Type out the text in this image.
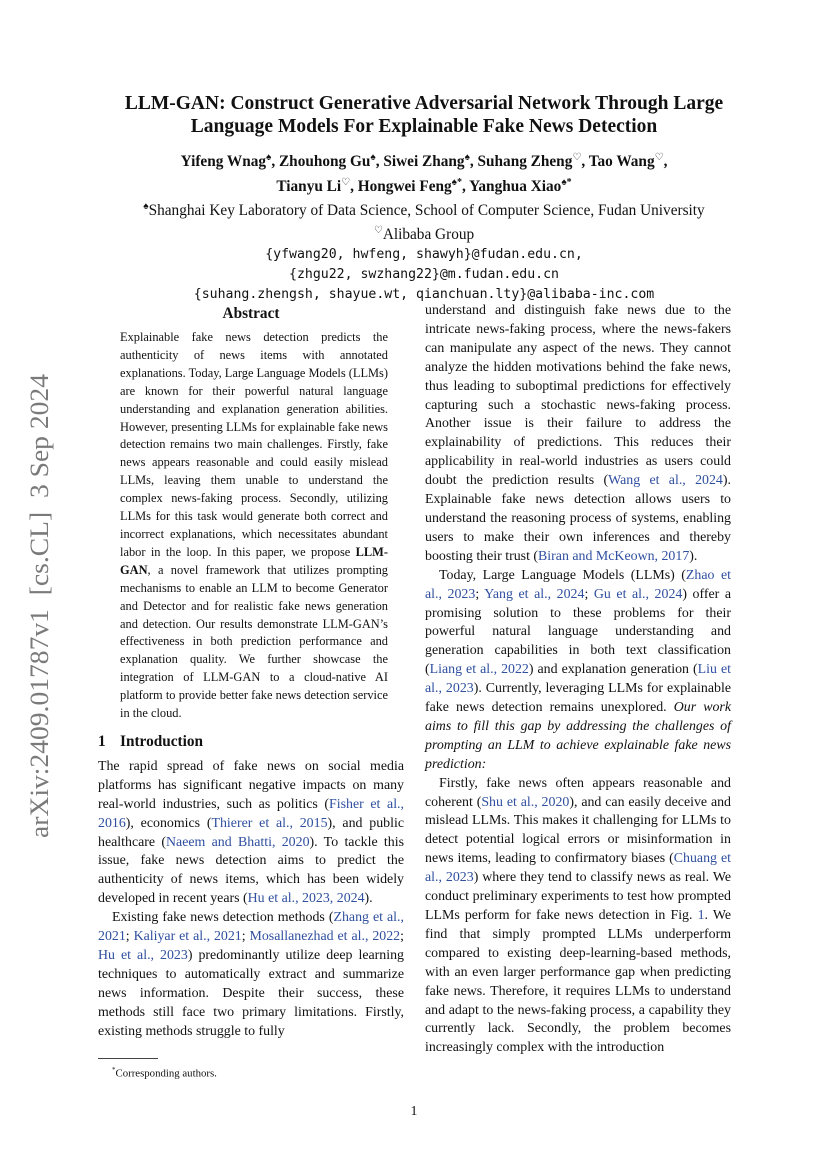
arXiv:2409.01787v1  [cs.CL]  3 Sep 2024
LLM-GAN: Construct Generative Adversarial Network Through Large
Language Models For Explainable Fake News Detection
Yifeng Wnag♠, Zhouhong Gu♠, Siwei Zhang♠, Suhang Zheng♡, Tao Wang♡,
Tianyu Li♡, Hongwei Feng♠*, Yanghua Xiao♠*
♠Shanghai Key Laboratory of Data Science, School of Computer Science, Fudan University
♡Alibaba Group
{yfwang20, hwfeng, shawyh}@fudan.edu.cn,
{zhgu22, swzhang22}@m.fudan.edu.cn
{suhang.zhengsh, shayue.wt, qianchuan.lty}@alibaba-inc.com
Abstract

Explainable fake news detection predicts the authenticity of news items with annotated explanations. Today, Large Language Models (LLMs) are known for their powerful natural language understanding and explanation generation abilities. However, presenting LLMs for explainable fake news detection remains two main challenges. Firstly, fake news appears reasonable and could easily mislead LLMs, leaving them unable to understand the complex news-faking process. Secondly, utilizing LLMs for this task would generate both correct and incorrect explanations, which necessitates abundant labor in the loop. In this paper, we propose LLM-GAN, a novel framework that utilizes prompting mechanisms to enable an LLM to become Generator and Detector and for realistic fake news generation and detection. Our results demonstrate LLM-GAN’s effectiveness in both prediction performance and explanation quality. We further showcase the integration of LLM-GAN to a cloud-native AI platform to provide better fake news detection service in the cloud.

1 Introduction

The rapid spread of fake news on social media platforms has significant negative impacts on many real-world industries, such as politics (Fisher et al., 2016), economics (Thierer et al., 2015), and public healthcare (Naeem and Bhatti, 2020). To tackle this issue, fake news detection aims to predict the authenticity of news items, which has been widely developed in recent years (Hu et al., 2023, 2024).

Existing fake news detection methods (Zhang et al., 2021; Kaliyar et al., 2021; Mosallanezhad et al., 2022; Hu et al., 2023) predominantly utilize deep learning techniques to automatically extract and summarize news information. Despite their success, these methods still face two primary limitations. Firstly, existing methods struggle to fully

understand and distinguish fake news due to the intricate news-faking process, where the news-fakers can manipulate any aspect of the news. They cannot analyze the hidden motivations behind the fake news, thus leading to suboptimal predictions for effectively capturing such a stochastic news-faking process. Another issue is their failure to address the explainability of predictions. This reduces their applicability in real-world industries as users could doubt the prediction results (Wang et al., 2024). Explainable fake news detection allows users to understand the reasoning process of systems, enabling users to make their own inferences and thereby boosting their trust (Biran and McKeown, 2017).

Today, Large Language Models (LLMs) (Zhao et al., 2023; Yang et al., 2024; Gu et al., 2024) offer a promising solution to these problems for their powerful natural language understanding and generation capabilities in both text classification (Liang et al., 2022) and explanation generation (Liu et al., 2023). Currently, leveraging LLMs for explainable fake news detection remains unexplored. Our work aims to fill this gap by addressing the challenges of prompting an LLM to achieve explainable fake news prediction:

Firstly, fake news often appears reasonable and coherent (Shu et al., 2020), and can easily deceive and mislead LLMs. This makes it challenging for LLMs to detect potential logical errors or misinformation in news items, leading to confirmatory biases (Chuang et al., 2023) where they tend to classify news as real. We conduct preliminary experiments to test how prompted LLMs perform for fake news detection in Fig. 1. We find that simply prompted LLMs underperform compared to existing deep-learning-based methods, with an even larger performance gap when predicting fake news. Therefore, it requires LLMs to understand and adapt to the news-faking process, a capability they currently lack. Secondly, the problem becomes increasingly complex with the introduction

*Corresponding authors.
1
